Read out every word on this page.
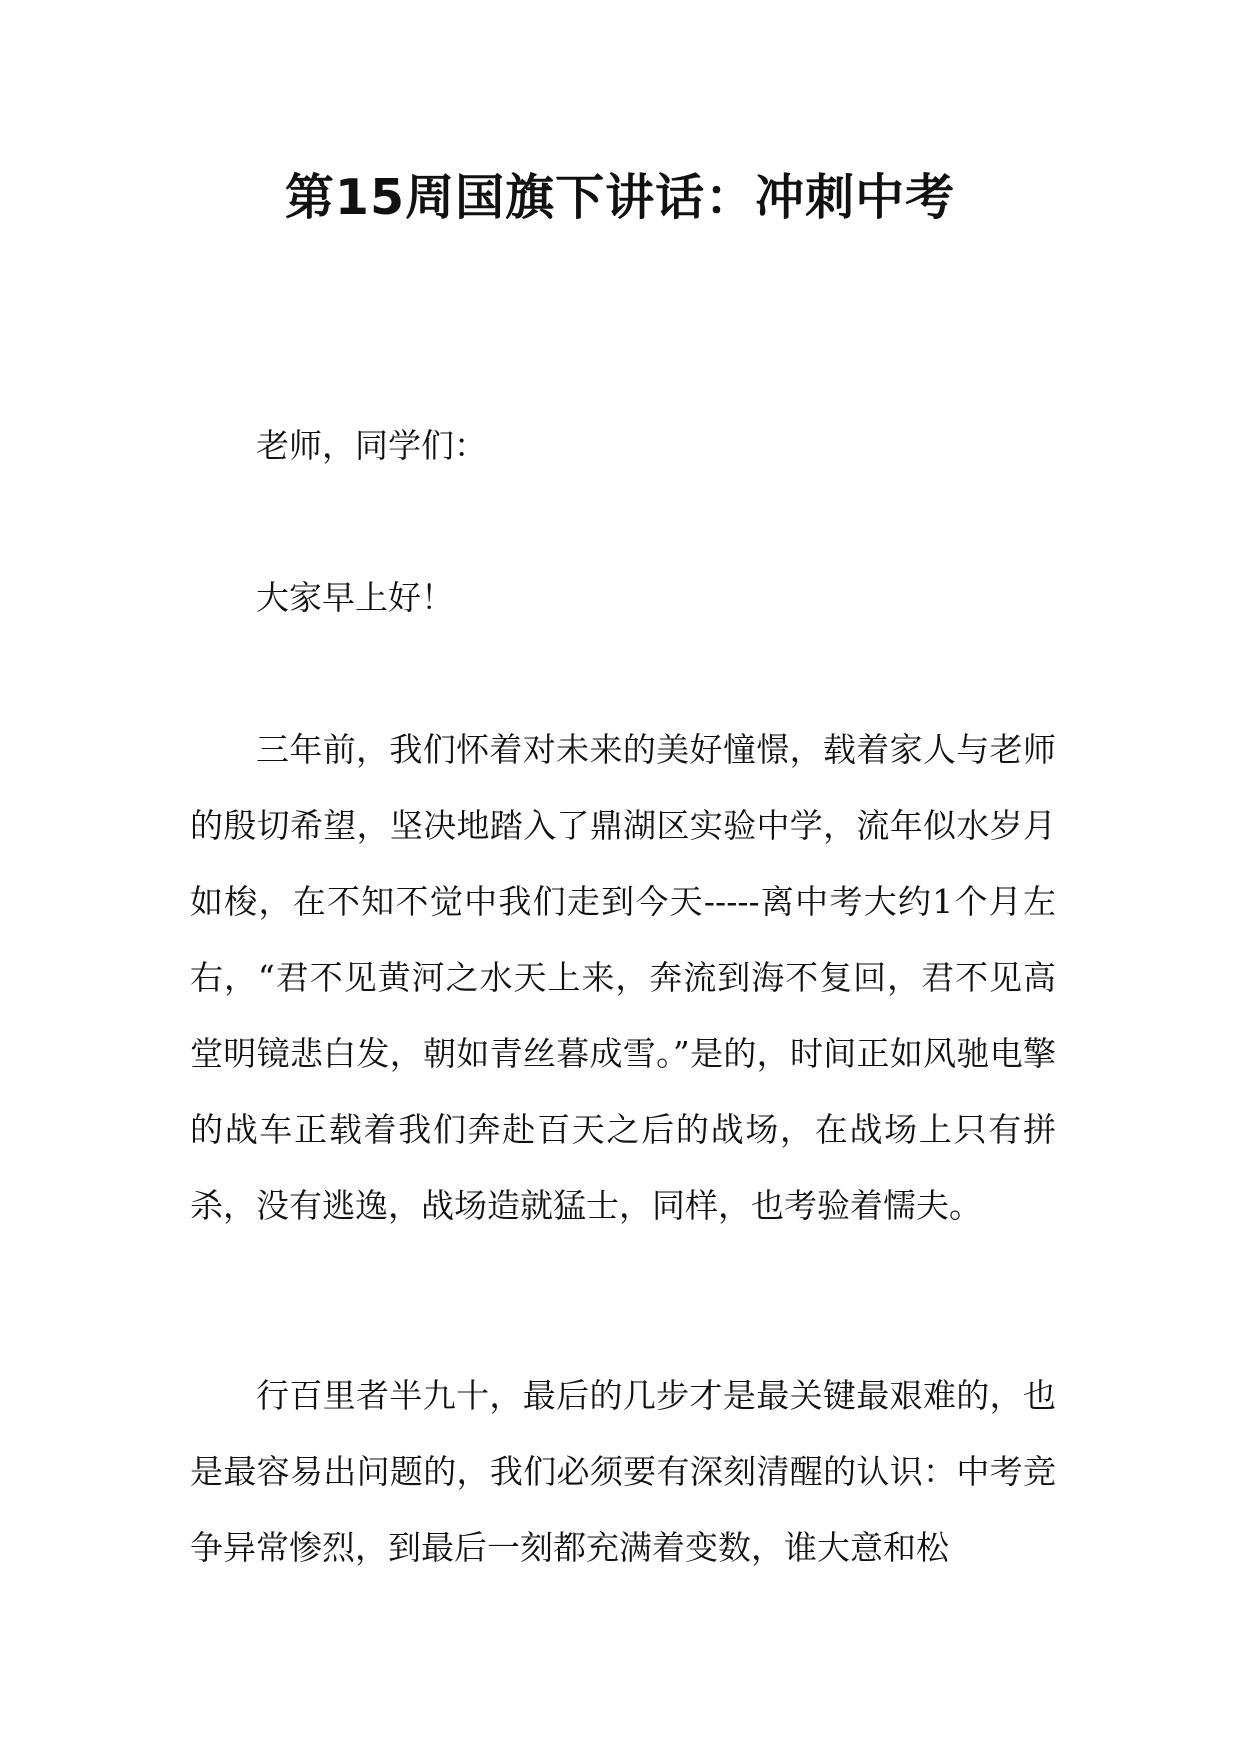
第15周国旗下讲话：冲刺中考

老师，同学们：

大家早上好！

三年前，我们怀着对未来的美好憧憬，载着家人与老师的殷切希望，坚决地踏入了鼎湖区实验中学，流年似水岁月如梭，在不知不觉中我们走到今天-----离中考大约1个月左右，“君不见黄河之水天上来，奔流到海不复回，君不见高堂明镜悲白发，朝如青丝暮成雪。”是的，时间正如风驰电擎的战车正载着我们奔赴百天之后的战场，在战场上只有拼杀，没有逃逸，战场造就猛士，同样，也考验着懦夫。

行百里者半九十，最后的几步才是最关键最艰难的，也是最容易出问题的，我们必须要有深刻清醒的认识：中考竞争异常惨烈，到最后一刻都充满着变数，谁大意和松
